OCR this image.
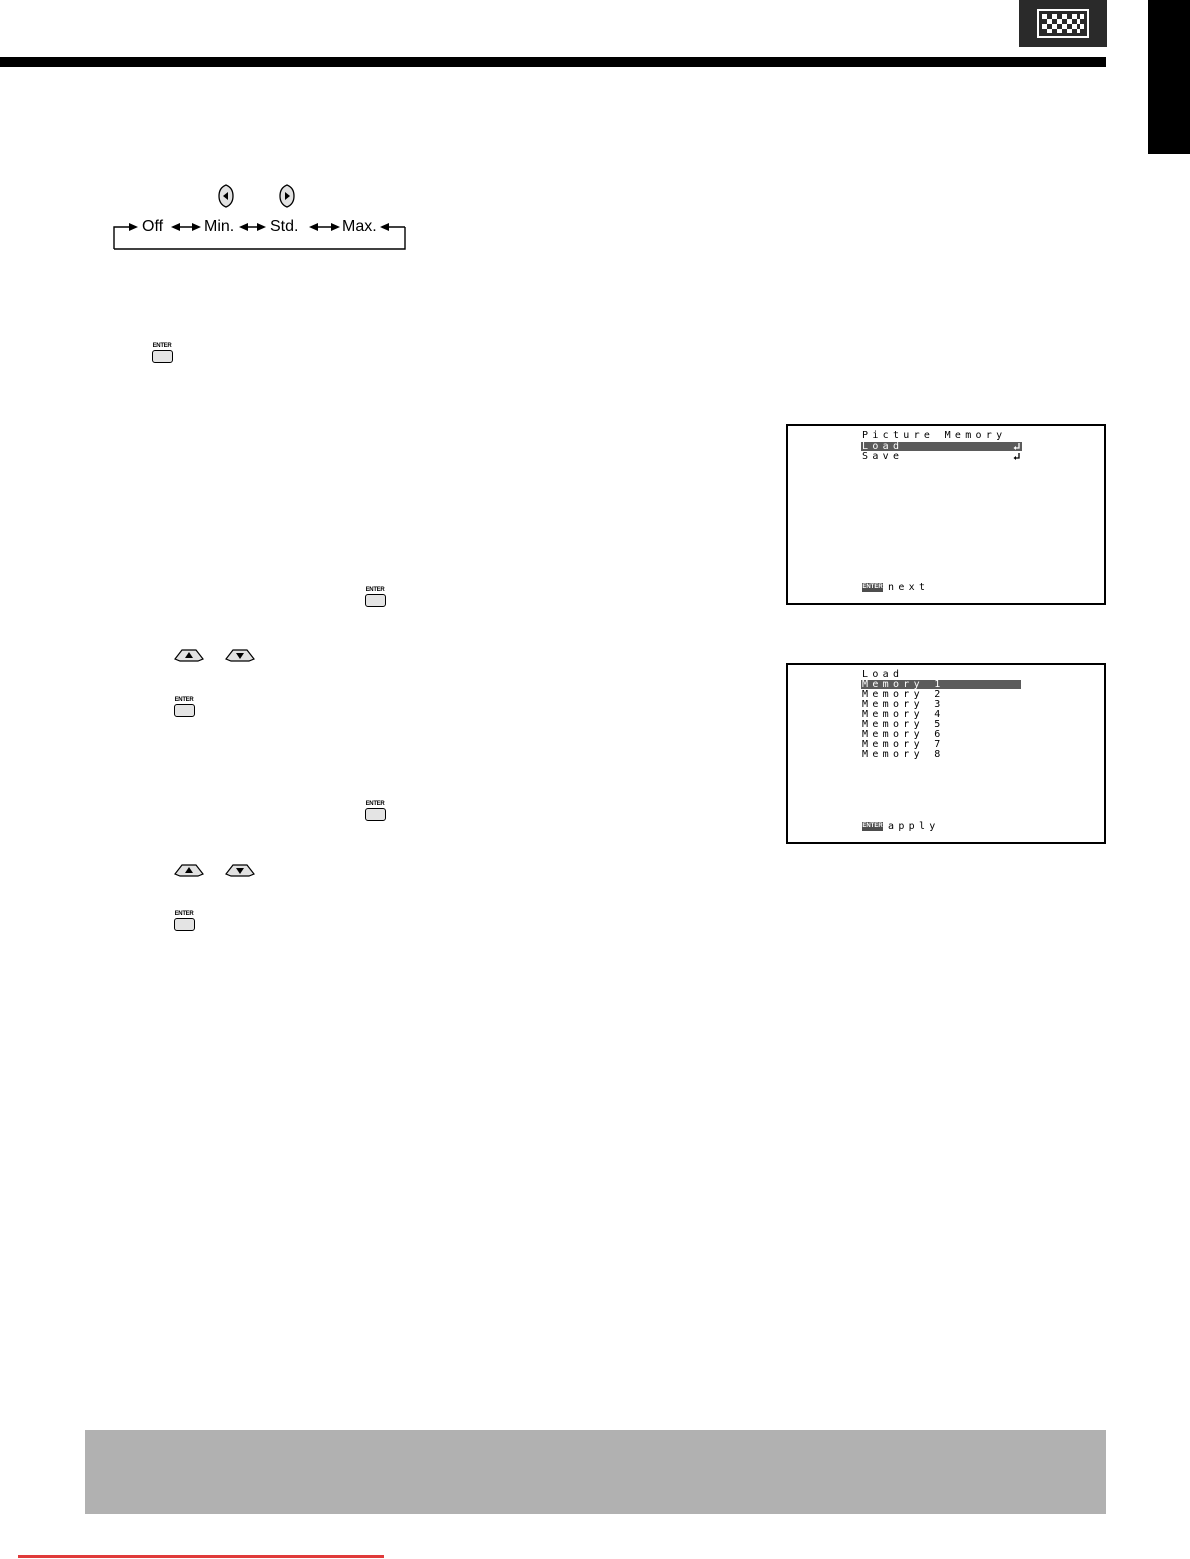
Off	Min. Std.	Max.
ENTER
ENTER
ENTER
ENTER
ENTER
Picture Memory
Load
Save
ENTER next
Load
Memory 1
Memory 2
Memory 3
Memory 4
Memory 5
Memory 6
Memory 7
Memory 8
ENTER apply
